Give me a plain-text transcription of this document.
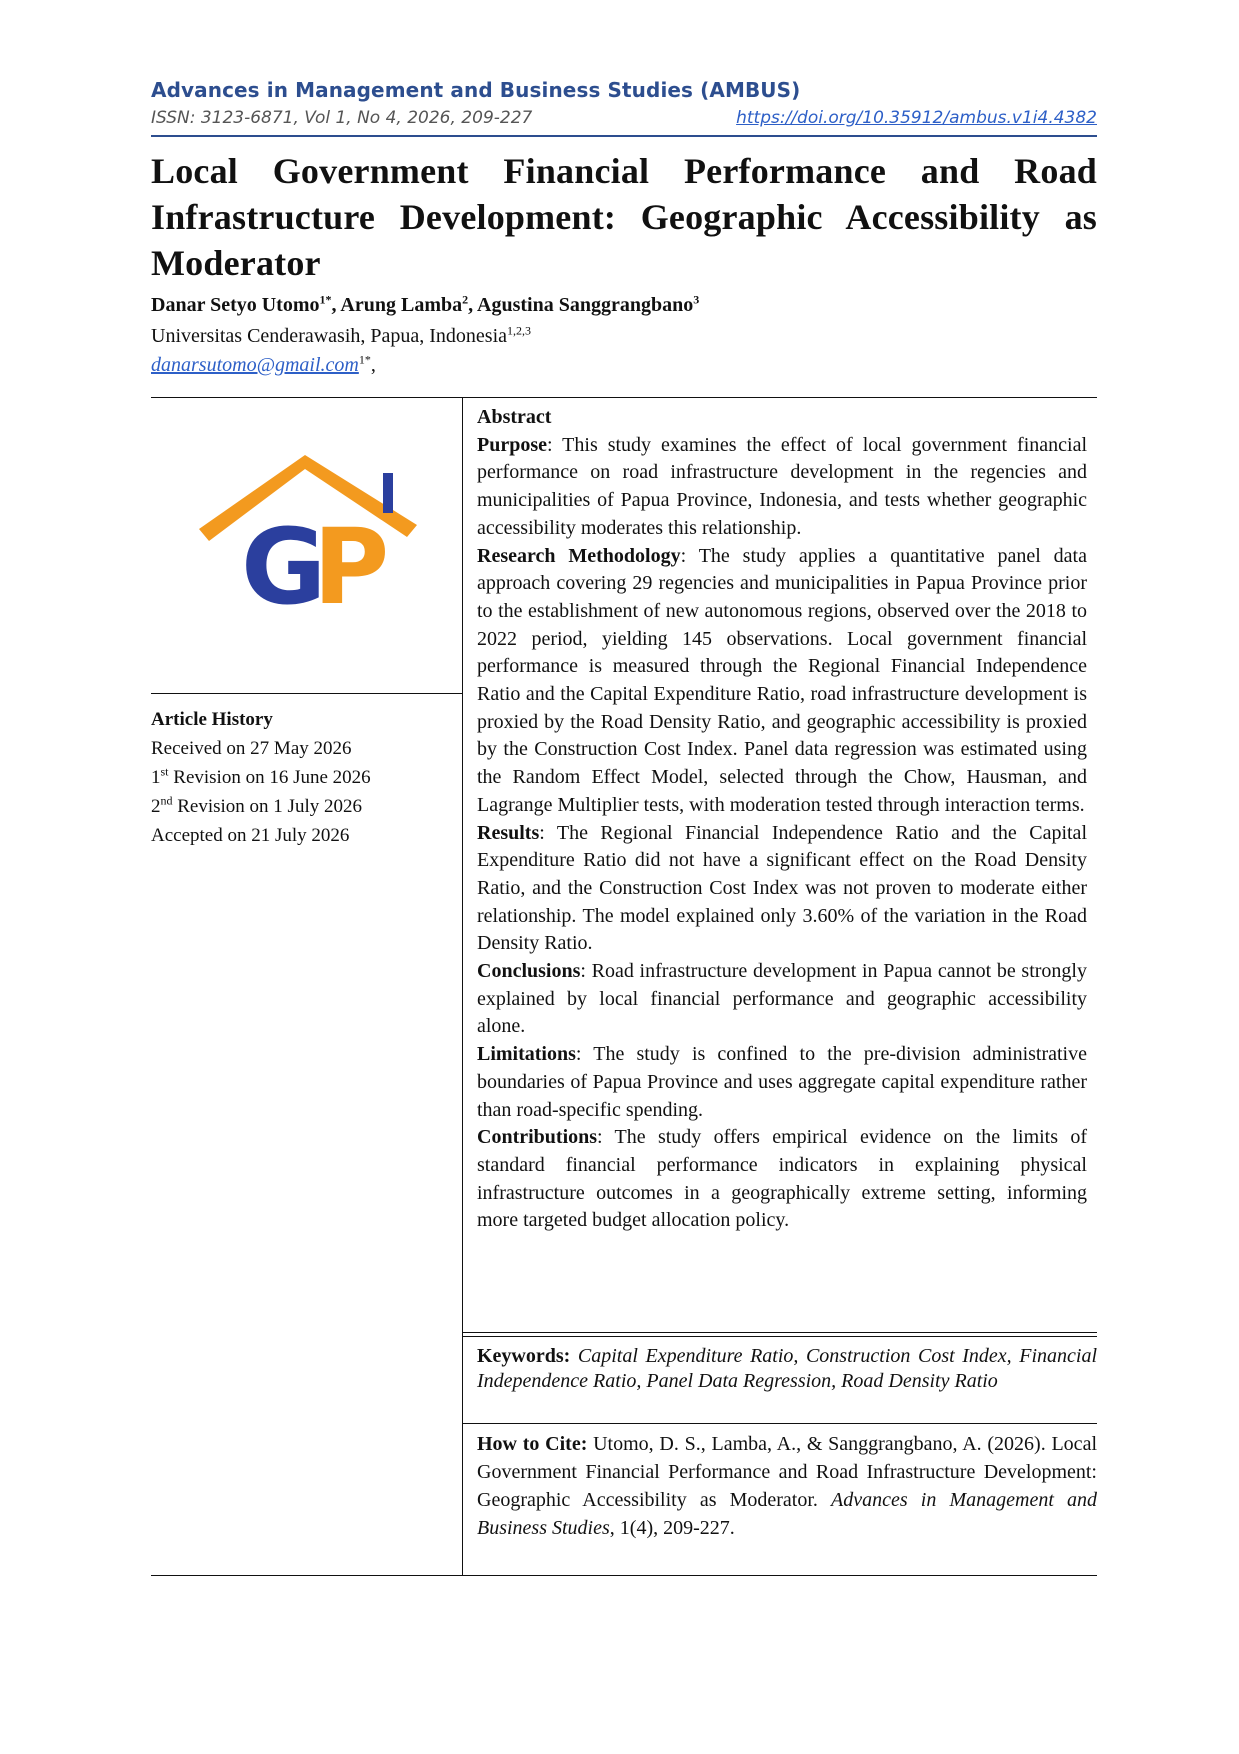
Advances in Management and Business Studies (AMBUS)
ISSN: 3123-6871, Vol 1, No 4, 2026, 209-227	https://doi.org/10.35912/ambus.v1i4.4382
Local Government Financial Performance and Road
Infrastructure Development: Geographic Accessibility as
Moderator
Danar Setyo Utomo$^{1*}$, Arung Lamba$^2$, Agustina Sanggrangbano$^3$
Universitas Cenderawasih, Papua, Indonesia$^{1,2,3}$
danarsutomo@gmail.com$^{1*}$,
G
P
Article History
Received on 27 May 2026
1st Revision on 16 June 2026
2nd Revision on 1 July 2026
Accepted on 21 July 2026

Abstract

Purpose: This study examines the effect of local government financial performance on road infrastructure development in the regencies and municipalities of Papua Province, Indonesia, and tests whether geographic accessibility moderates this relationship.

Research Methodology: The study applies a quantitative panel data approach covering 29 regencies and municipalities in Papua Province prior to the establishment of new autonomous regions, observed over the 2018 to 2022 period, yielding 145 observations. Local government financial performance is measured through the Regional Financial Independence Ratio and the Capital Expenditure Ratio, road infrastructure development is proxied by the Road Density Ratio, and geographic accessibility is proxied by the Construction Cost Index. Panel data regression was estimated using the Random Effect Model, selected through the Chow, Hausman, and Lagrange Multiplier tests, with moderation tested through interaction terms.

Results: The Regional Financial Independence Ratio and the Capital Expenditure Ratio did not have a significant effect on the Road Density Ratio, and the Construction Cost Index was not proven to moderate either relationship. The model explained only 3.60% of the variation in the Road Density Ratio.

Conclusions: Road infrastructure development in Papua cannot be strongly explained by local financial performance and geographic accessibility alone.

Limitations: The study is confined to the pre-division administrative boundaries of Papua Province and uses aggregate capital expenditure rather than road-specific spending.

Contributions: The study offers empirical evidence on the limits of standard financial performance indicators in explaining physical infrastructure outcomes in a geographically extreme setting, informing more targeted budget allocation policy.

Keywords: Capital Expenditure Ratio, Construction Cost Index, Financial Independence Ratio, Panel Data Regression, Road Density Ratio
How to Cite: Utomo, D. S., Lamba, A., & Sanggrangbano, A. (2026). Local Government Financial Performance and Road Infrastructure Development: Geographic Accessibility as Moderator. Advances in Management and Business Studies, 1(4), 209-227.
